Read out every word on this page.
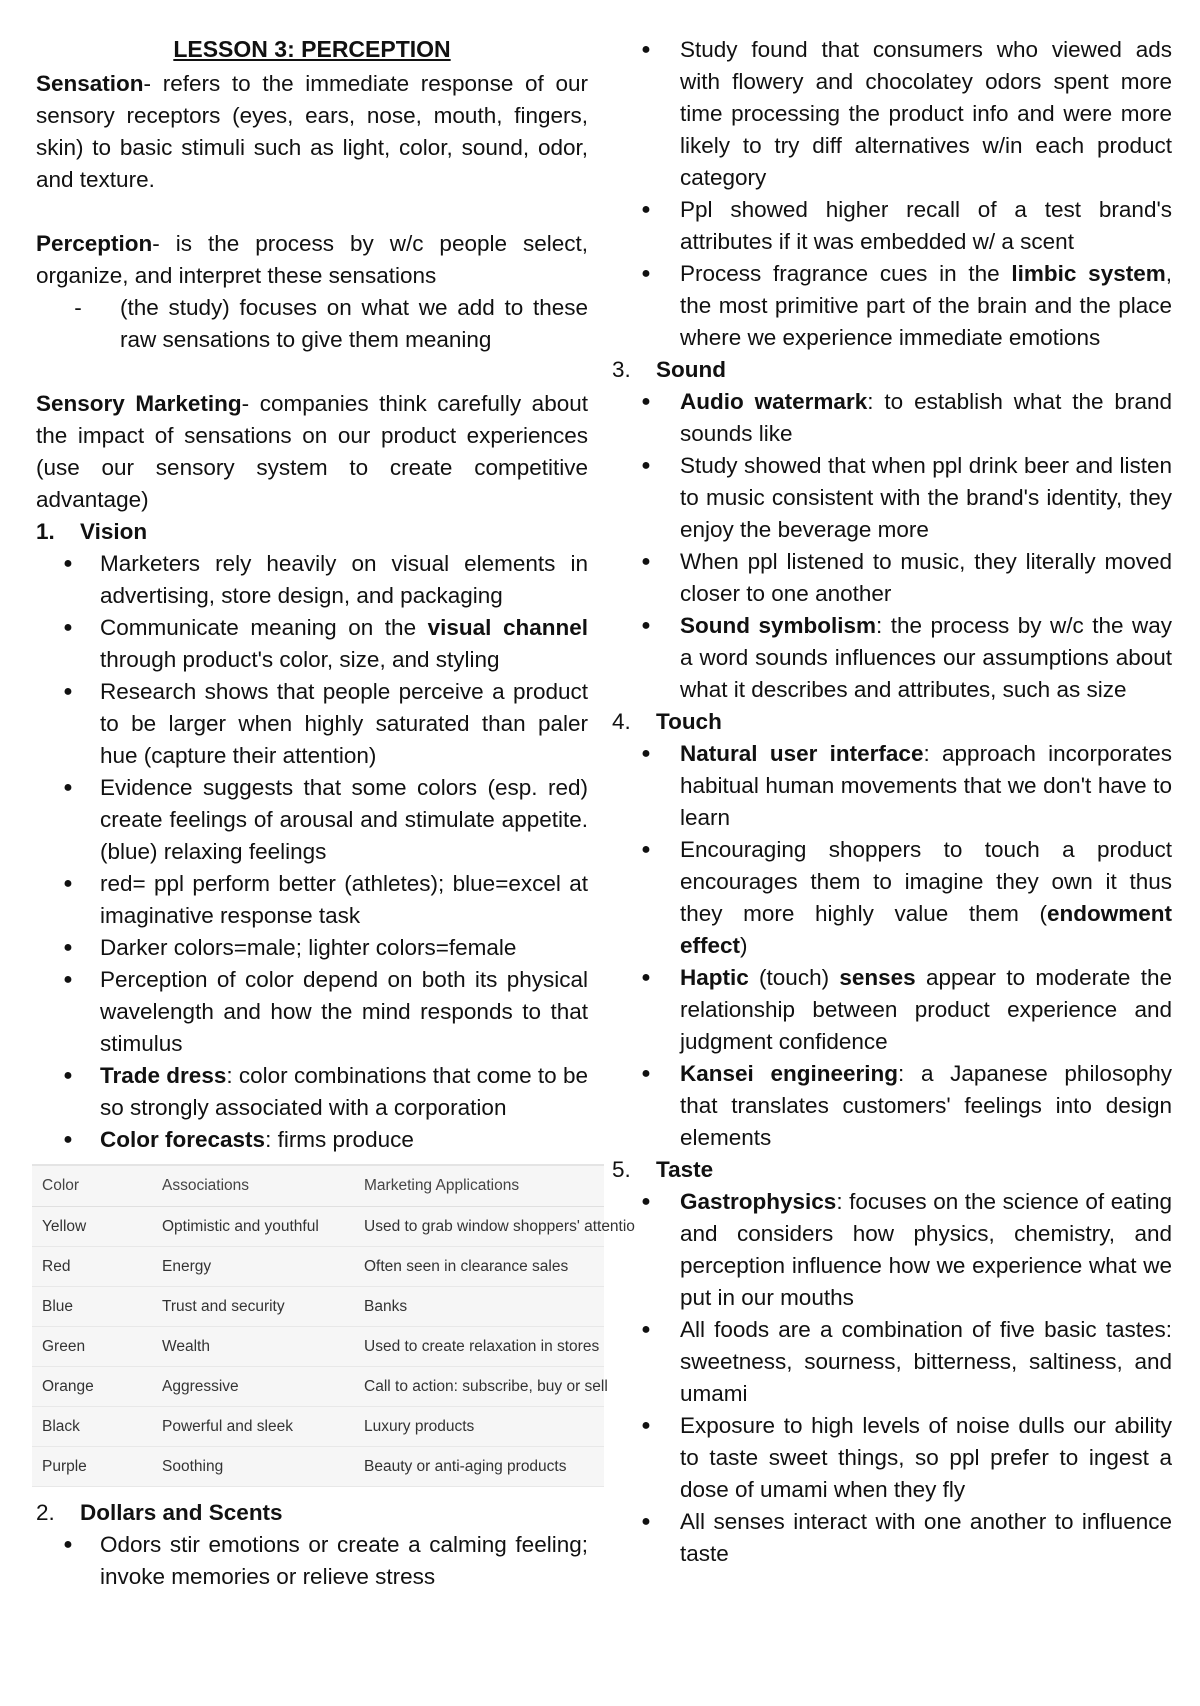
LESSON 3: PERCEPTION

Sensation- refers to the immediate response of our sensory receptors (eyes, ears, nose, mouth, fingers, skin) to basic stimuli such as light, color, sound, odor, and texture.

Perception- is the process by w/c people select, organize, and interpret these sensations

-	(the study) focuses on what we add to these raw sensations to give them meaning

Sensory Marketing- companies think carefully about the impact of sensations on our product experiences (use our sensory system to create competitive advantage)

1.	Vision
●	Marketers rely heavily on visual elements in advertising, store design, and packaging
●	Communicate meaning on the visual channel through product's color, size, and styling
●	Research shows that people perceive a product to be larger when highly saturated than paler hue (capture their attention)
●	Evidence suggests that some colors (esp. red) create feelings of arousal and stimulate appetite. (blue) relaxing feelings
●	red= ppl perform better (athletes); blue=excel at imaginative response task
●	Darker colors=male; lighter colors=female
●	Perception of color depend on both its physical wavelength and how the mind responds to that stimulus
●	Trade dress: color combinations that come to be so strongly associated with a corporation
●	Color forecasts: firms produce
Color	Associations	Marketing Applications
Yellow	Optimistic and youthful	Used to grab window shoppers' attentio

Red	Energy	Often seen in clearance sales

Blue	Trust and security	Banks

Green	Wealth	Used to create relaxation in stores

Orange	Aggressive	Call to action: subscribe, buy or sell

Black	Powerful and sleek	Luxury products

Purple	Soothing	Beauty or anti-aging products
2.	Dollars and Scents
●	Odors stir emotions or create a calming feeling; invoke memories or relieve stress
●	Study found that consumers who viewed ads with flowery and chocolatey odors spent more time processing the product info and were more likely to try diff alternatives w/in each product category
●	Ppl showed higher recall of a test brand's attributes if it was embedded w/ a scent
●	Process fragrance cues in the limbic system, the most primitive part of the brain and the place where we experience immediate emotions
3.	Sound
●	Audio watermark: to establish what the brand sounds like
●	Study showed that when ppl drink beer and listen to music consistent with the brand's identity, they enjoy the beverage more
●	When ppl listened to music, they literally moved closer to one another
●	Sound symbolism: the process by w/c the way a word sounds influences our assumptions about what it describes and attributes, such as size
4.	Touch
●	Natural user interface: approach incorporates habitual human movements that we don't have to learn
●	Encouraging shoppers to touch a product encourages them to imagine they own it thus they more highly value them (endowment effect)
●	Haptic (touch) senses appear to moderate the relationship between product experience and judgment confidence
●	Kansei engineering: a Japanese philosophy that translates customers' feelings into design elements
5.	Taste
●	Gastrophysics: focuses on the science of eating and considers how physics, chemistry, and perception influence how we experience what we put in our mouths
●	All foods are a combination of five basic tastes: sweetness, sourness, bitterness, saltiness, and umami
●	Exposure to high levels of noise dulls our ability to taste sweet things, so ppl prefer to ingest a dose of umami when they fly
●	All senses interact with one another to influence taste
